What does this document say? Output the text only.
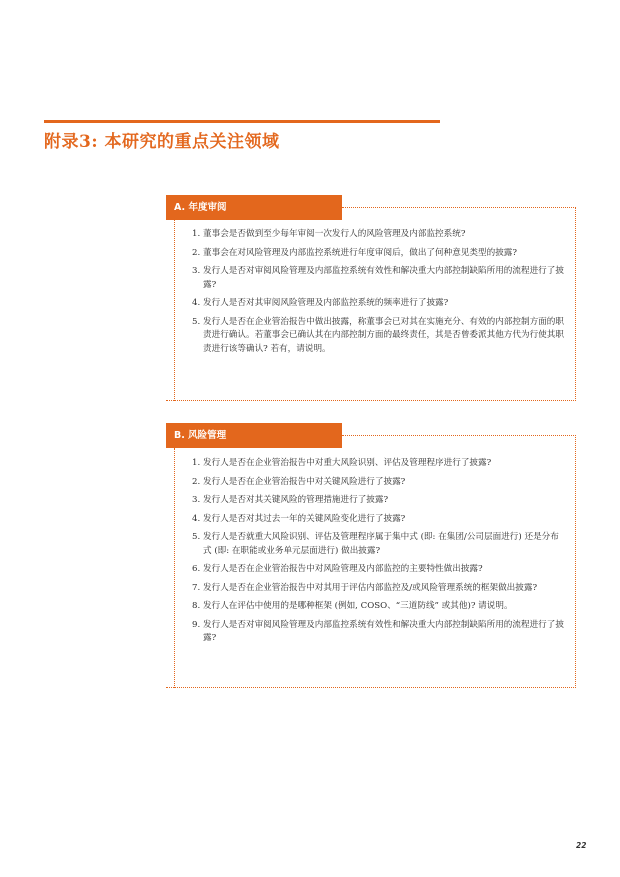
附录3: 本研究的重点关注领域
A. 年度审阅
1. 董事会是否做到至少每年审阅一次发行人的风险管理及内部监控系统?
2. 董事会在对风险管理及内部监控系统进行年度审阅后，做出了何种意见类型的披露?
3. 发行人是否对审阅风险管理及内部监控系统有效性和解决重大内部控制缺陷所用的流程进行了披露?
4. 发行人是否对其审阅风险管理及内部监控系统的频率进行了披露?
5. 发行人是否在企业管治报告中做出披露，称董事会已对其在实施充分、有效的内部控制方面的职责进行确认。若董事会已确认其在内部控制方面的最终责任，其是否曾委派其他方代为行使其职责进行该等确认? 若有，请说明。
B. 风险管理
1. 发行人是否在企业管治报告中对重大风险识别、评估及管理程序进行了披露?
2. 发行人是否在企业管治报告中对关键风险进行了披露?
3. 发行人是否对其关键风险的管理措施进行了披露?
4. 发行人是否对其过去一年的关键风险变化进行了披露?
5. 发行人是否就重大风险识别、评估及管理程序属于集中式 (即: 在集团/公司层面进行) 还是分布式 (即: 在职能或业务单元层面进行) 做出披露?
6. 发行人是否在企业管治报告中对风险管理及内部监控的主要特性做出披露?
7. 发行人是否在企业管治报告中对其用于评估内部监控及/或风险管理系统的框架做出披露?
8. 发行人在评估中使用的是哪种框架 (例如, COSO、“三道防线” 或其他)? 请说明。
9. 发行人是否对审阅风险管理及内部监控系统有效性和解决重大内部控制缺陷所用的流程进行了披露?
22
